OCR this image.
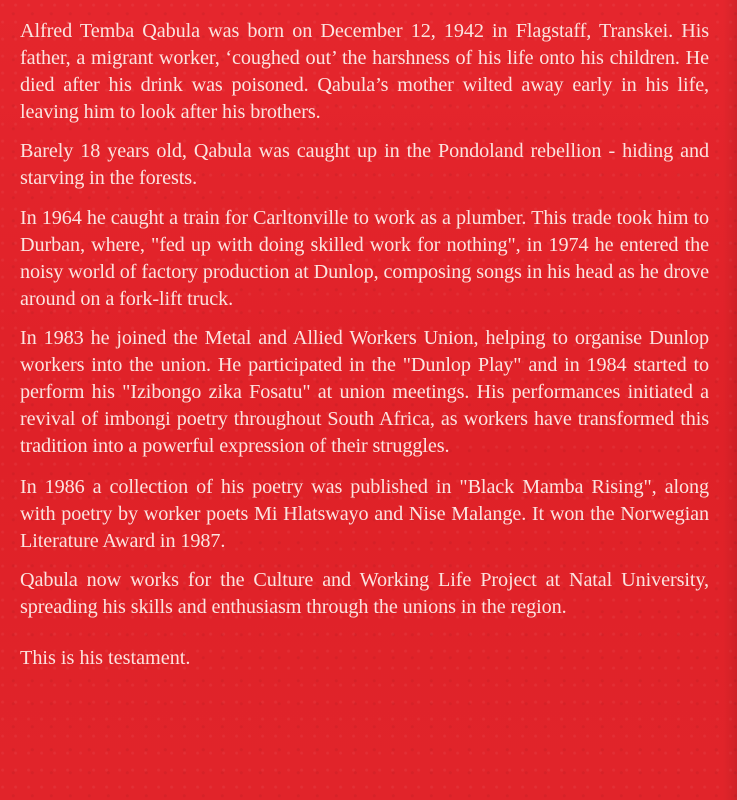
Alfred Temba Qabula was born on December 12, 1942 in Flagstaff, Transkei. His father, a migrant worker, ‘coughed out’ the harshness of his life onto his children. He died after his drink was poisoned. Qabula’s mother wilted away early in his life, leaving him to look after his brothers.

Barely 18 years old, Qabula was caught up in the Pondoland rebellion - hiding and starving in the forests.

In 1964 he caught a train for Carltonville to work as a plumber. This trade took him to Durban, where, "fed up with doing skilled work for nothing", in 1974 he entered the noisy world of factory production at Dunlop, composing songs in his head as he drove around on a fork-lift truck.

In 1983 he joined the Metal and Allied Workers Union, helping to organise Dunlop workers into the union. He participated in the "Dunlop Play" and in 1984 started to perform his "Izibongo zika Fosatu" at union meetings. His performances initiated a revival of imbongi poetry throughout South Africa, as workers have transformed this tradition into a powerful expression of their struggles.

In 1986 a collection of his poetry was published in "Black Mamba Rising", along with poetry by worker poets Mi Hlatswayo and Nise Malange. It won the Norwegian Literature Award in 1987.

Qabula now works for the Culture and Working Life Project at Natal University, spreading his skills and enthusiasm through the unions in the region.

This is his testament.
